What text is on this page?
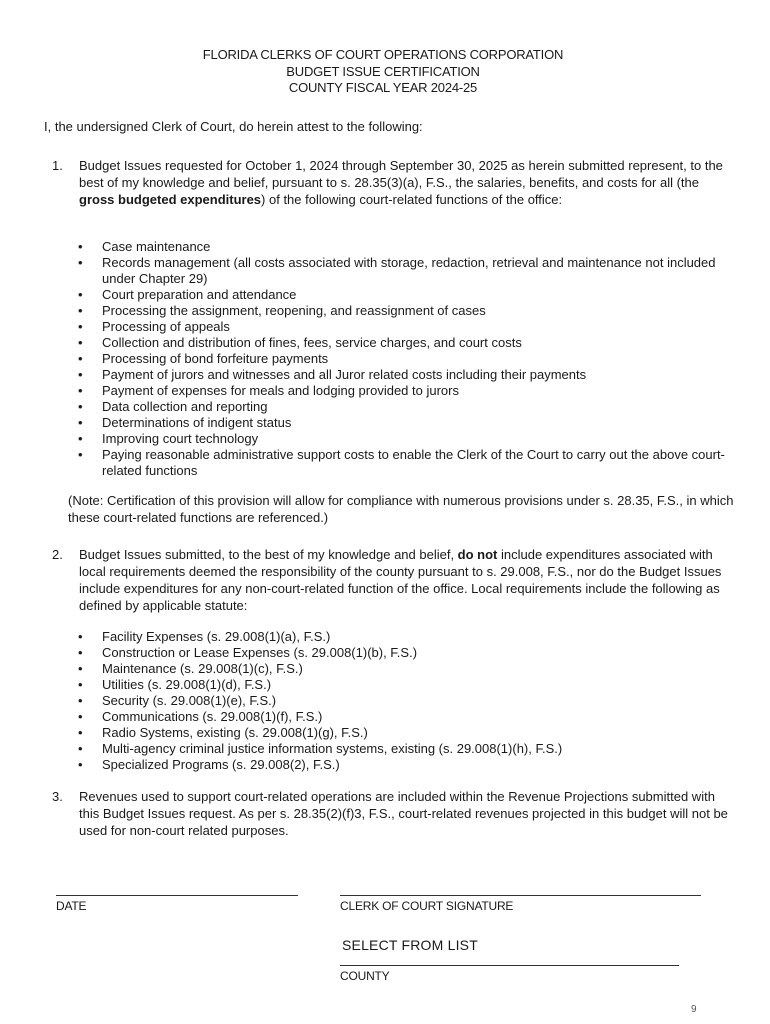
FLORIDA CLERKS OF COURT OPERATIONS CORPORATION
BUDGET ISSUE CERTIFICATION
COUNTY FISCAL YEAR 2024-25
I, the undersigned Clerk of Court, do herein attest to the following:
1. Budget Issues requested for October 1, 2024 through September 30, 2025 as herein submitted represent, to the best of my knowledge and belief, pursuant to s. 28.35(3)(a), F.S., the salaries, benefits, and costs for all (the gross budgeted expenditures) of the following court-related functions of the office:

• Case maintenance
• Records management (all costs associated with storage, redaction, retrieval and maintenance not included under Chapter 29)
• Court preparation and attendance
• Processing the assignment, reopening, and reassignment of cases
• Processing of appeals
• Collection and distribution of fines, fees, service charges, and court costs
• Processing of bond forfeiture payments
• Payment of jurors and witnesses and all Juror related costs including their payments
• Payment of expenses for meals and lodging provided to jurors
• Data collection and reporting
• Determinations of indigent status
• Improving court technology
• Paying reasonable administrative support costs to enable the Clerk of the Court to carry out the above court-related functions
(Note: Certification of this provision will allow for compliance with numerous provisions under s. 28.35, F.S., in which these court-related functions are referenced.)
2. Budget Issues submitted, to the best of my knowledge and belief, do not include expenditures associated with local requirements deemed the responsibility of the county pursuant to s. 29.008, F.S., nor do the Budget Issues include expenditures for any non-court-related function of the office. Local requirements include the following as defined by applicable statute:

• Facility Expenses (s. 29.008(1)(a), F.S.)
• Construction or Lease Expenses (s. 29.008(1)(b), F.S.)
• Maintenance (s. 29.008(1)(c), F.S.)
• Utilities (s. 29.008(1)(d), F.S.)
• Security (s. 29.008(1)(e), F.S.)
• Communications (s. 29.008(1)(f), F.S.)
• Radio Systems, existing (s. 29.008(1)(g), F.S.)
• Multi-agency criminal justice information systems, existing (s. 29.008(1)(h), F.S.)
• Specialized Programs (s. 29.008(2), F.S.)
3. Revenues used to support court-related operations are included within the Revenue Projections submitted with this Budget Issues request. As per s. 28.35(2)(f)3, F.S., court-related revenues projected in this budget will not be used for non-court related purposes.

DATE	CLERK OF COURT SIGNATURE
SELECT FROM LIST
COUNTY
9
